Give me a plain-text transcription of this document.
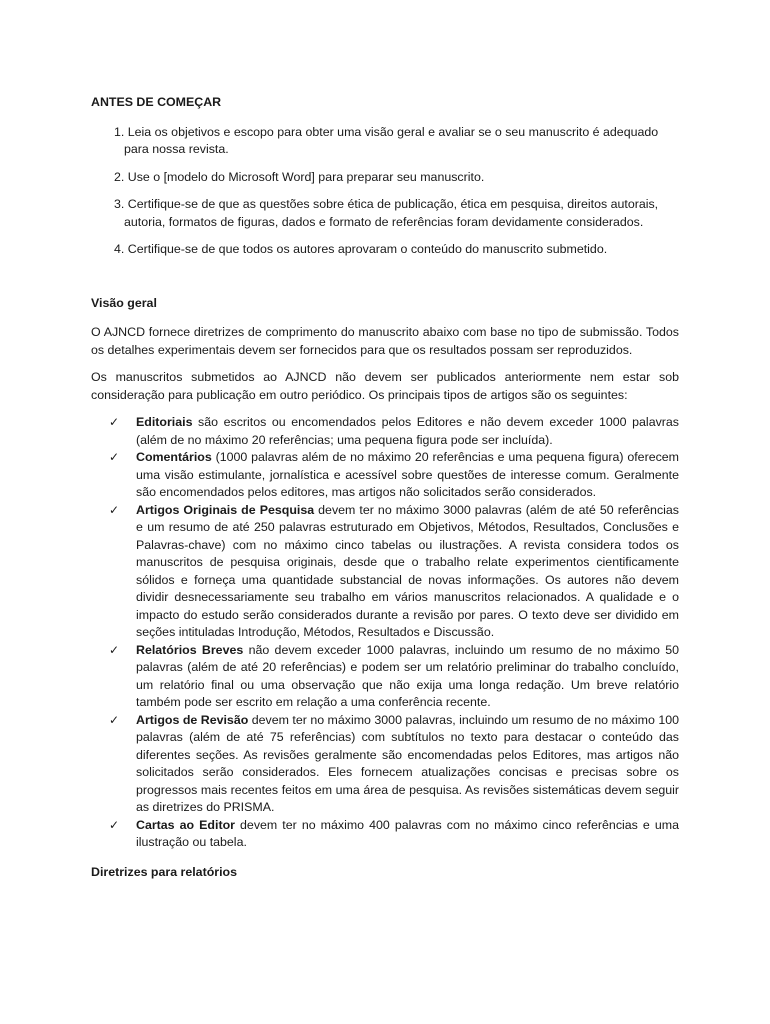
ANTES DE COMEÇAR

1. Leia os objetivos e escopo para obter uma visão geral e avaliar se o seu manuscrito é adequado para nossa revista.
2. Use o [modelo do Microsoft Word] para preparar seu manuscrito.
3. Certifique-se de que as questões sobre ética de publicação, ética em pesquisa, direitos autorais, autoria, formatos de figuras, dados e formato de referências foram devidamente considerados.
4. Certifique-se de que todos os autores aprovaram o conteúdo do manuscrito submetido.

Visão geral

O AJNCD fornece diretrizes de comprimento do manuscrito abaixo com base no tipo de submissão. Todos os detalhes experimentais devem ser fornecidos para que os resultados possam ser reproduzidos.

Os manuscritos submetidos ao AJNCD não devem ser publicados anteriormente nem estar sob consideração para publicação em outro periódico. Os principais tipos de artigos são os seguintes:

✓ Editoriais são escritos ou encomendados pelos Editores e não devem exceder 1000 palavras (além de no máximo 20 referências; uma pequena figura pode ser incluída).
✓ Comentários (1000 palavras além de no máximo 20 referências e uma pequena figura) oferecem uma visão estimulante, jornalística e acessível sobre questões de interesse comum. Geralmente são encomendados pelos editores, mas artigos não solicitados serão considerados.
✓ Artigos Originais de Pesquisa devem ter no máximo 3000 palavras (além de até 50 referências e um resumo de até 250 palavras estruturado em Objetivos, Métodos, Resultados, Conclusões e Palavras-chave) com no máximo cinco tabelas ou ilustrações. A revista considera todos os manuscritos de pesquisa originais, desde que o trabalho relate experimentos cientificamente sólidos e forneça uma quantidade substancial de novas informações. Os autores não devem dividir desnecessariamente seu trabalho em vários manuscritos relacionados. A qualidade e o impacto do estudo serão considerados durante a revisão por pares. O texto deve ser dividido em seções intituladas Introdução, Métodos, Resultados e Discussão.
✓ Relatórios Breves não devem exceder 1000 palavras, incluindo um resumo de no máximo 50 palavras (além de até 20 referências) e podem ser um relatório preliminar do trabalho concluído, um relatório final ou uma observação que não exija uma longa redação. Um breve relatório também pode ser escrito em relação a uma conferência recente.
✓ Artigos de Revisão devem ter no máximo 3000 palavras, incluindo um resumo de no máximo 100 palavras (além de até 75 referências) com subtítulos no texto para destacar o conteúdo das diferentes seções. As revisões geralmente são encomendadas pelos Editores, mas artigos não solicitados serão considerados. Eles fornecem atualizações concisas e precisas sobre os progressos mais recentes feitos em uma área de pesquisa. As revisões sistemáticas devem seguir as diretrizes do PRISMA.
✓ Cartas ao Editor devem ter no máximo 400 palavras com no máximo cinco referências e uma ilustração ou tabela.

Diretrizes para relatórios
